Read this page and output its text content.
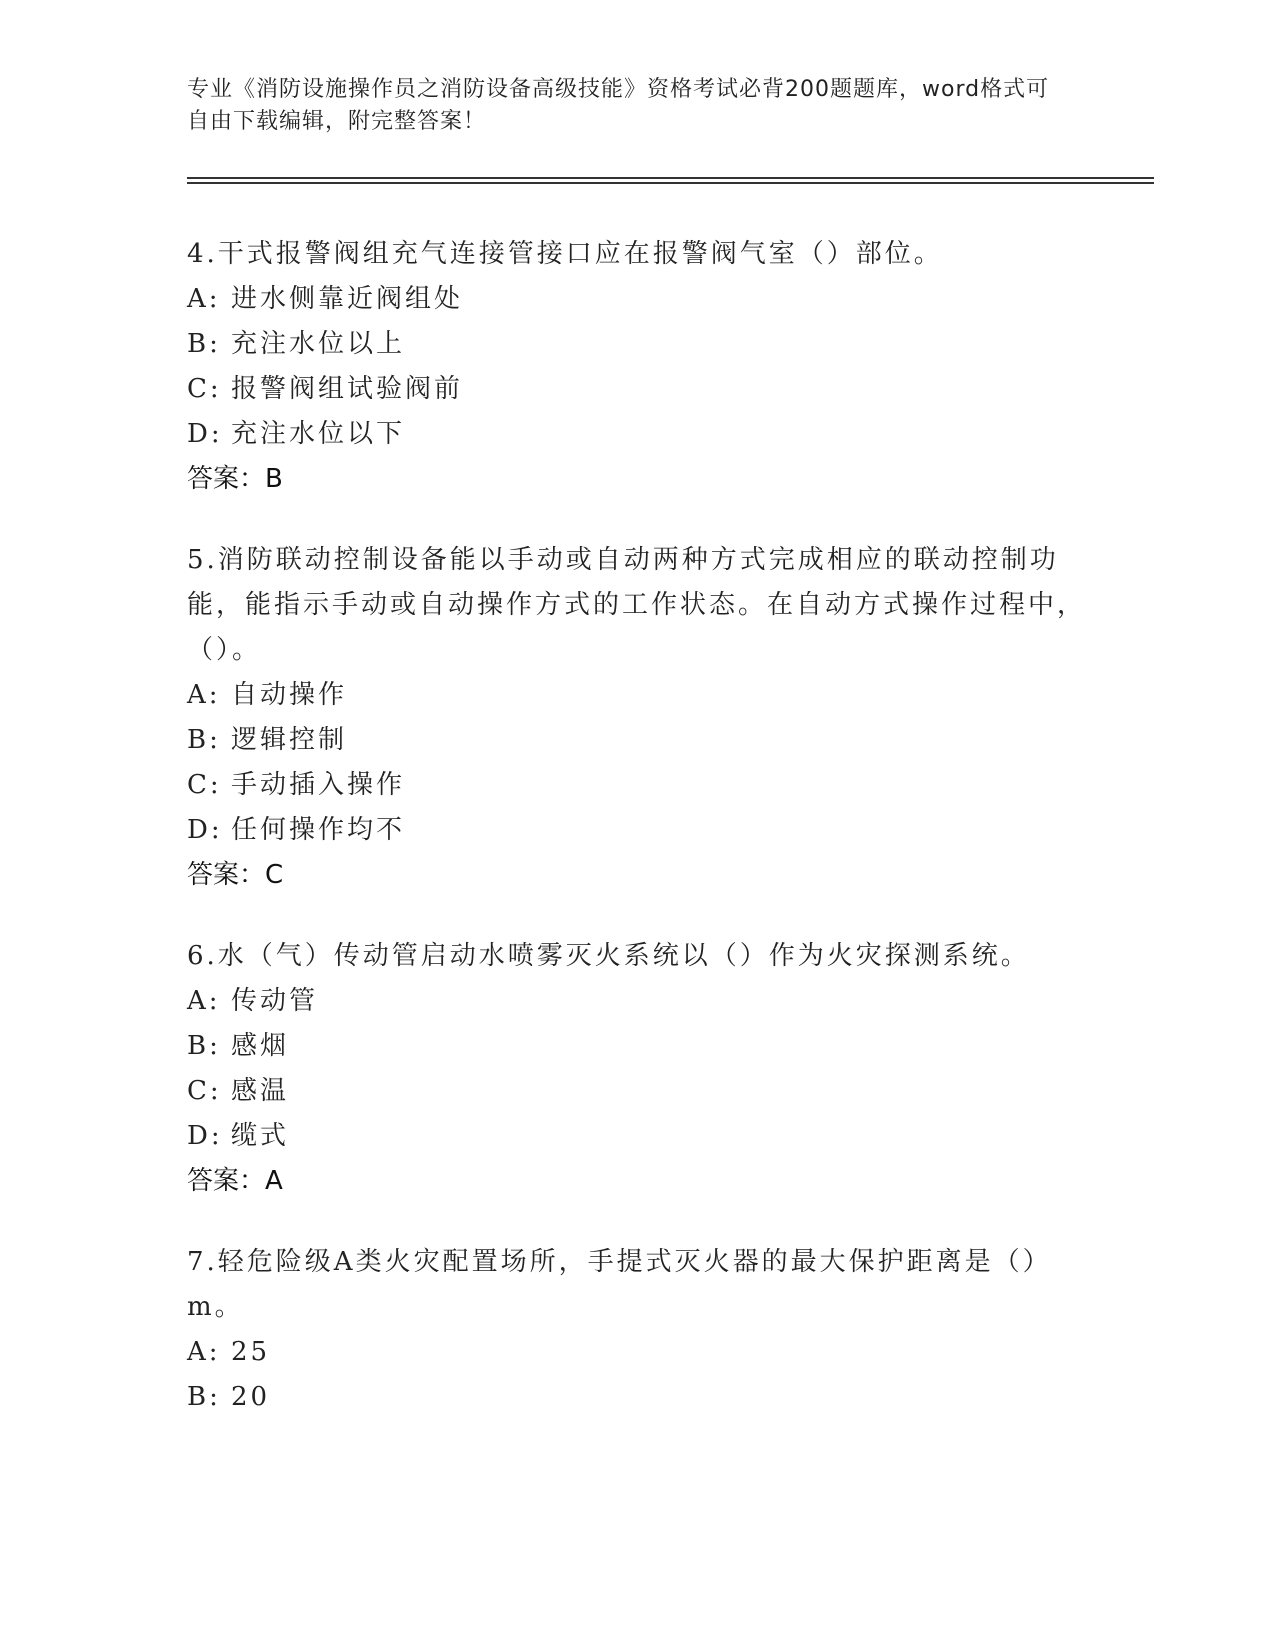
专业《消防设施操作员之消防设备高级技能》资格考试必背200题题库，word格式可自由下载编辑，附完整答案！

4.干式报警阀组充气连接管接口应在报警阀气室（）部位。

A: 进水侧靠近阀组处

B: 充注水位以上

C: 报警阀组试验阀前

D: 充注水位以下

答案：B

5.消防联动控制设备能以手动或自动两种方式完成相应的联动控制功能，能指示手动或自动操作方式的工作状态。在自动方式操作过程中，（）。

A: 自动操作

B: 逻辑控制

C: 手动插入操作

D: 任何操作均不

答案：C

6.水（气）传动管启动水喷雾灭火系统以（）作为火灾探测系统。

A: 传动管

B: 感烟

C: 感温

D: 缆式

答案：A

7.轻危险级A类火灾配置场所，手提式灭火器的最大保护距离是（）m。

A: 25

B: 20
